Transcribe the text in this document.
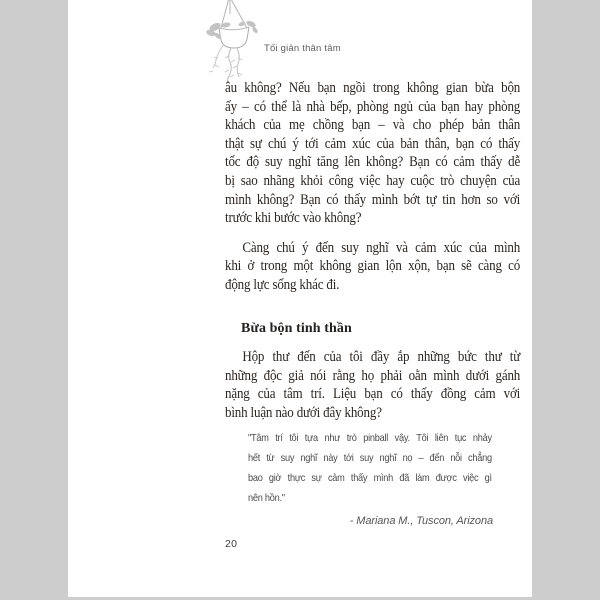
Tối giản thân tâm
âu không? Nếu bạn ngồi trong không gian bừa bộn
ấy – có thể là nhà bếp, phòng ngủ của bạn hay phòng
khách của mẹ chồng bạn – và cho phép bản thân
thật sự chú ý tới cảm xúc của bản thân, bạn có thấy
tốc độ suy nghĩ tăng lên không? Bạn có cảm thấy dễ
bị sao nhãng khỏi công việc hay cuộc trò chuyện của
mình không? Bạn có thấy mình bớt tự tin hơn so với
trước khi bước vào không?
Càng chú ý đến suy nghĩ và cảm xúc của mình
khi ở trong một không gian lộn xộn, bạn sẽ càng có
động lực sống khác đi.
Bừa bộn tinh thần
Hộp thư đến của tôi đầy ắp những bức thư từ
những độc giả nói rằng họ phải oằn mình dưới gánh
nặng của tâm trí. Liệu bạn có thấy đồng cảm với
bình luận nào dưới đây không?
"Tâm trí tôi tựa như trò pinball vậy. Tôi liên tục nhảy
hết từ suy nghĩ này tới suy nghĩ nọ – đến nỗi chẳng
bao giờ thực sự cảm thấy mình đã làm được việc gì
nên hồn."
- Mariana M., Tuscon, Arizona
20
